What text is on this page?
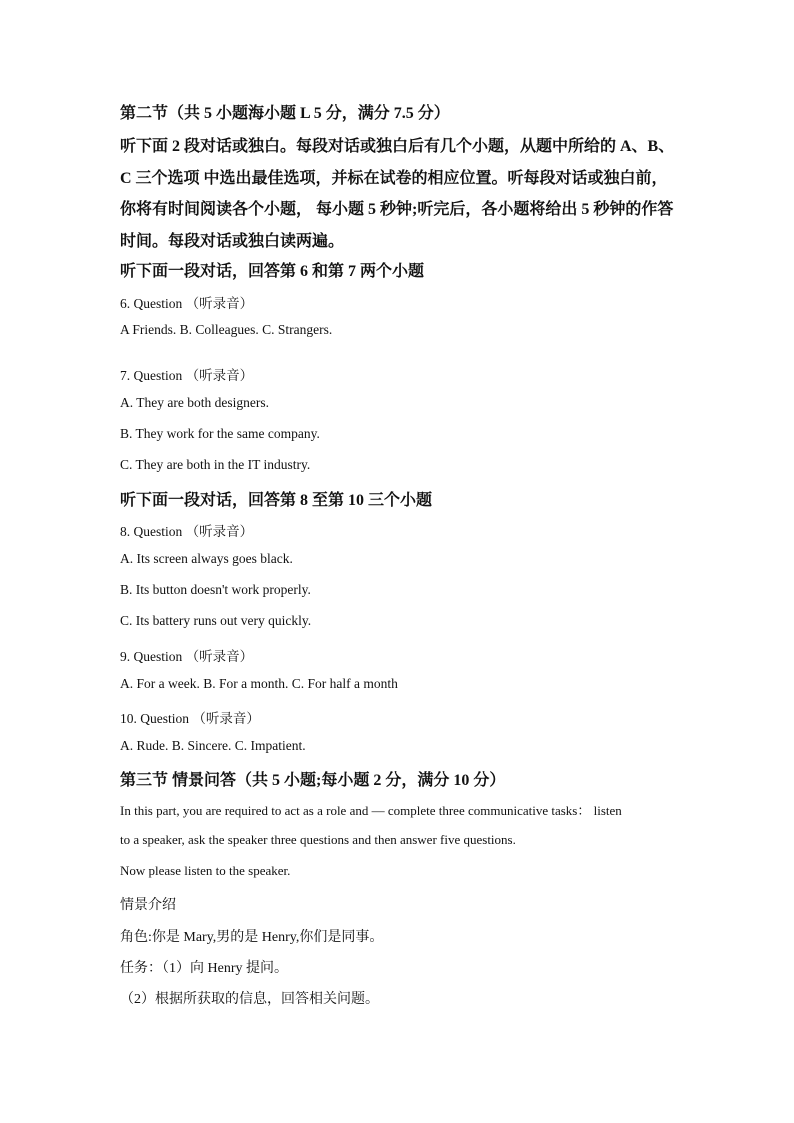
第二节（共 5 小题海小题 L 5 分，满分 7.5 分）
听下面 2 段对话或独白。每段对话或独白后有几个小题，从题中所给的 A、B、
C 三个选项 中选出最佳选项，并标在试卷的相应位置。听每段对话或独白前，
你将有时间阅读各个小题， 每小题 5 秒钟;听完后，各小题将给出 5 秒钟的作答
时间。每段对话或独白读两遍。
听下面一段对话，回答第 6 和第 7 两个小题
6. Question （听录音）
A Friends. B. Colleagues. C. Strangers.
7. Question （听录音）
A. They are both designers.
B. They work for the same company.
C. They are both in the IT industry.
听下面一段对话，回答第 8 至第 10 三个小题
8. Question （听录音）
A. Its screen always goes black.
B. Its button doesn't work properly.
C. Its battery runs out very quickly.
9. Question （听录音）
A. For a week. B. For a month. C. For half a month
10. Question （听录音）
A. Rude. B. Sincere. C. Impatient.
第三节 情景问答（共 5 小题;每小题 2 分，满分 10 分）
In this part, you are required to act as a role and — complete three communicative tasks： listen
to a speaker, ask the speaker three questions and then answer five questions.
Now please listen to the speaker.
情景介绍
角色:你是 Mary,男的是 Henry,你们是同事。
任务：（1）向 Henry 提问。
（2）根据所获取的信息，回答相关问题。
